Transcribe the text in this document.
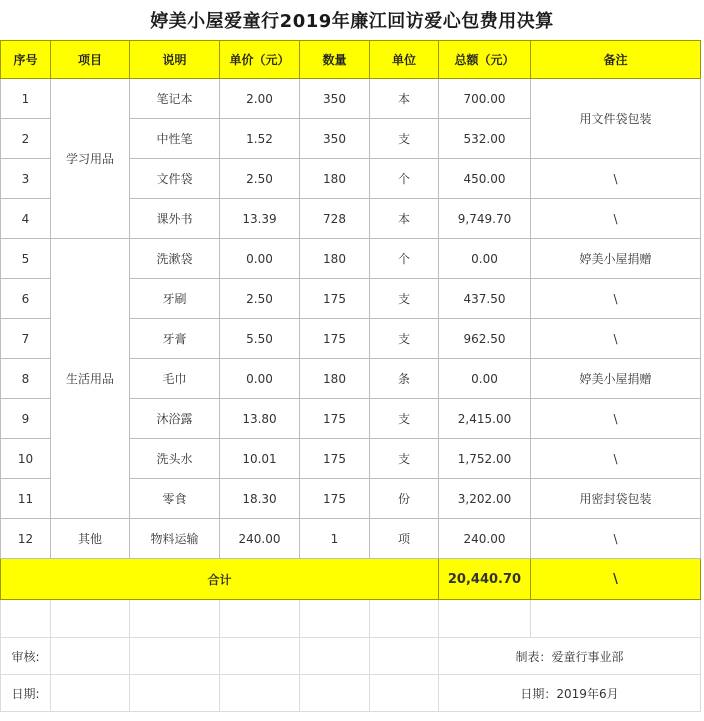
婷美小屋爱童行2019年廉江回访爱心包费用决算
序号	项目	说明	单价（元）	数量	单位	总额（元）	备注
1	学习用品	笔记本	2.00	350	本	700.00	用文件袋包装
2		中性笔	1.52	350	支	532.00	
3		文件袋	2.50	180	个	450.00	\
4		课外书	13.39	728	本	9,749.70	\
5	生活用品	洗漱袋	0.00	180	个	0.00	婷美小屋捐赠
6		牙刷	2.50	175	支	437.50	\
7		牙膏	5.50	175	支	962.50	\
8		毛巾	0.00	180	条	0.00	婷美小屋捐赠
9		沐浴露	13.80	175	支	2,415.00	\
10		洗头水	10.01	175	支	1,752.00	\
11		零食	18.30	175	份	3,202.00	用密封袋包装
12	其他	物料运输	240.00	1	项	240.00	\
合计						20,440.70	\

审核:						制表：爱童行事业部	
日期:						日期：2019年6月	
